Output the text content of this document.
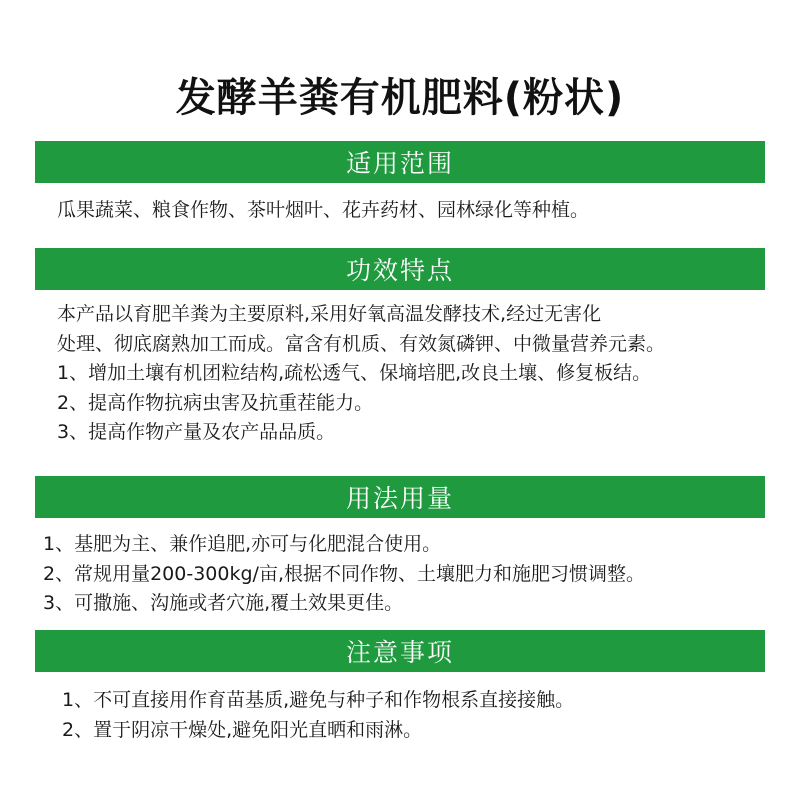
发酵羊粪有机肥料(粉状)
适用范围
瓜果蔬菜、粮食作物、茶叶烟叶、花卉药材、园林绿化等种植。
功效特点
本产品以育肥羊粪为主要原料,采用好氧高温发酵技术,经过无害化
处理、彻底腐熟加工而成。富含有机质、有效氮磷钾、中微量营养元素。
1、增加土壤有机团粒结构,疏松透气、保墒培肥,改良土壤、修复板结。
2、提高作物抗病虫害及抗重茬能力。
3、提高作物产量及农产品品质。
用法用量
1、基肥为主、兼作追肥,亦可与化肥混合使用。
2、常规用量200-300kg/亩,根据不同作物、土壤肥力和施肥习惯调整。
3、可撒施、沟施或者穴施,覆土效果更佳。
注意事项
1、不可直接用作育苗基质,避免与种子和作物根系直接接触。
2、置于阴凉干燥处,避免阳光直晒和雨淋。
